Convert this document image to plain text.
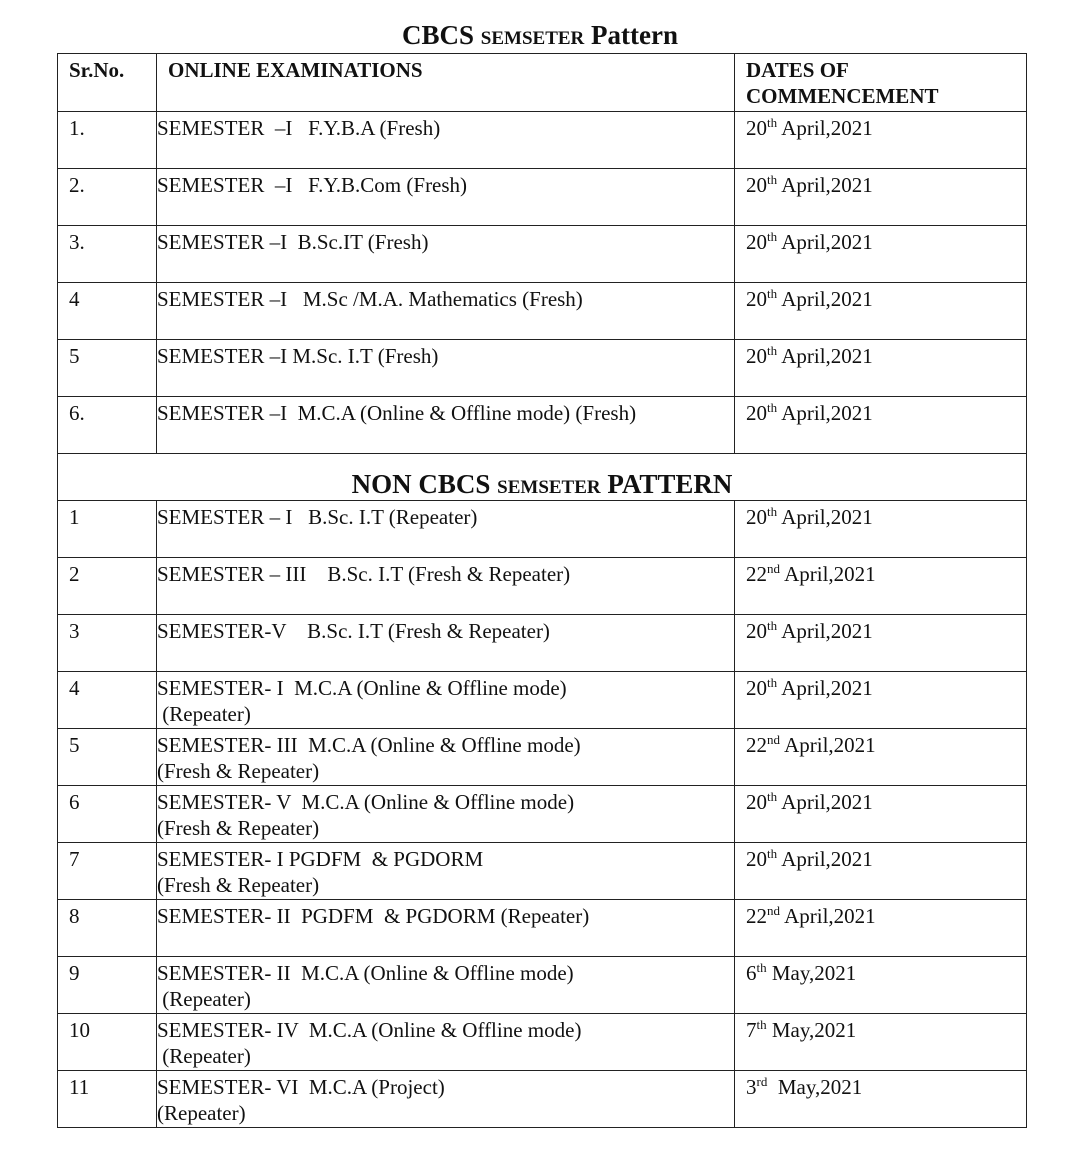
CBCS semseter Pattern
Sr.No.	ONLINE EXAMINATIONS	DATES OF
COMMENCEMENT

1.	SEMESTER  –I   F.Y.B.A (Fresh)	20th April,2021
2.	SEMESTER  –I   F.Y.B.Com (Fresh)	20th April,2021
3.	SEMESTER –I  B.Sc.IT (Fresh)	20th April,2021
4	SEMESTER –I   M.Sc /M.A. Mathematics (Fresh)	20th April,2021
5	SEMESTER –I M.Sc. I.T (Fresh)	20th April,2021
6.	SEMESTER –I  M.C.A (Online & Offline mode) (Fresh)	20th April,2021
NON CBCS semseter PATTERN		
1	SEMESTER – I   B.Sc. I.T (Repeater)	20th April,2021
2	SEMESTER – III    B.Sc. I.T (Fresh & Repeater)	22nd April,2021
3	SEMESTER-V    B.Sc. I.T (Fresh & Repeater)	20th April,2021
4	SEMESTER- I  M.C.A (Online & Offline mode)
(Repeater)	20th April,2021
5	SEMESTER- III  M.C.A (Online & Offline mode)
(Fresh & Repeater)	22nd April,2021
6	SEMESTER- V  M.C.A (Online & Offline mode)
(Fresh & Repeater)	20th April,2021
7	SEMESTER- I PGDFM  & PGDORM
(Fresh & Repeater)	20th April,2021
8	SEMESTER- II  PGDFM  & PGDORM (Repeater)	22nd April,2021
9	SEMESTER- II  M.C.A (Online & Offline mode)
(Repeater)	6th May,2021
10	SEMESTER- IV  M.C.A (Online & Offline mode)
(Repeater)	7th May,2021
11	SEMESTER- VI  M.C.A (Project)
(Repeater)	3rd  May,2021
